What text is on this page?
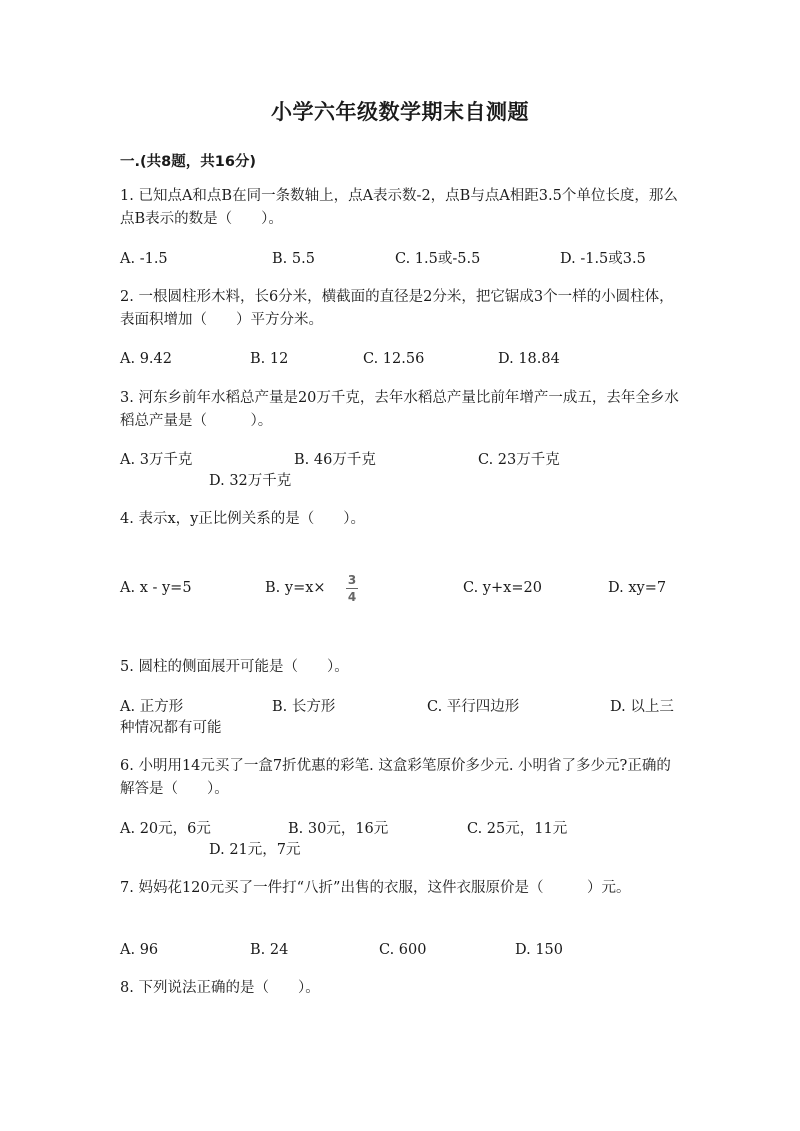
小学六年级数学期末自测题
一.(共8题，共16分)
1. 已知点A和点B在同一条数轴上，点A表示数-2，点B与点A相距3.5个单位长度，那么点B表示的数是（　　）。
A. -1.5	B. 5.5	C. 1.5或-5.5	D. -1.5或3.5
2. 一根圆柱形木料，长6分米，横截面的直径是2分米，把它锯成3个一样的小圆柱体，表面积增加（　　）平方分米。
A. 9.42	B. 12	C. 12.56	D. 18.84
3. 河东乡前年水稻总产量是20万千克，去年水稻总产量比前年增产一成五，去年全乡水稻总产量是（　　　）。
A. 3万千克	B. 46万千克	C. 23万千克
D. 32万千克
4. 表示x，y正比例关系的是（　　）。
A. x - y=5	B. y=x×	3
4
C. y+x=20	D. xy=7
5. 圆柱的侧面展开可能是（　　）。
A. 正方形	B. 长方形	C. 平行四边形	D. 以上三
种情况都有可能
6. 小明用14元买了一盒7折优惠的彩笔. 这盒彩笔原价多少元. 小明省了多少元?正确的解答是（　　）。
A. 20元，6元	B. 30元，16元	C. 25元，11元
D. 21元，7元
7. 妈妈花120元买了一件打“八折”出售的衣服，这件衣服原价是（　　　）元。
A. 96	B. 24	C. 600	D. 150
8. 下列说法正确的是（　　）。
